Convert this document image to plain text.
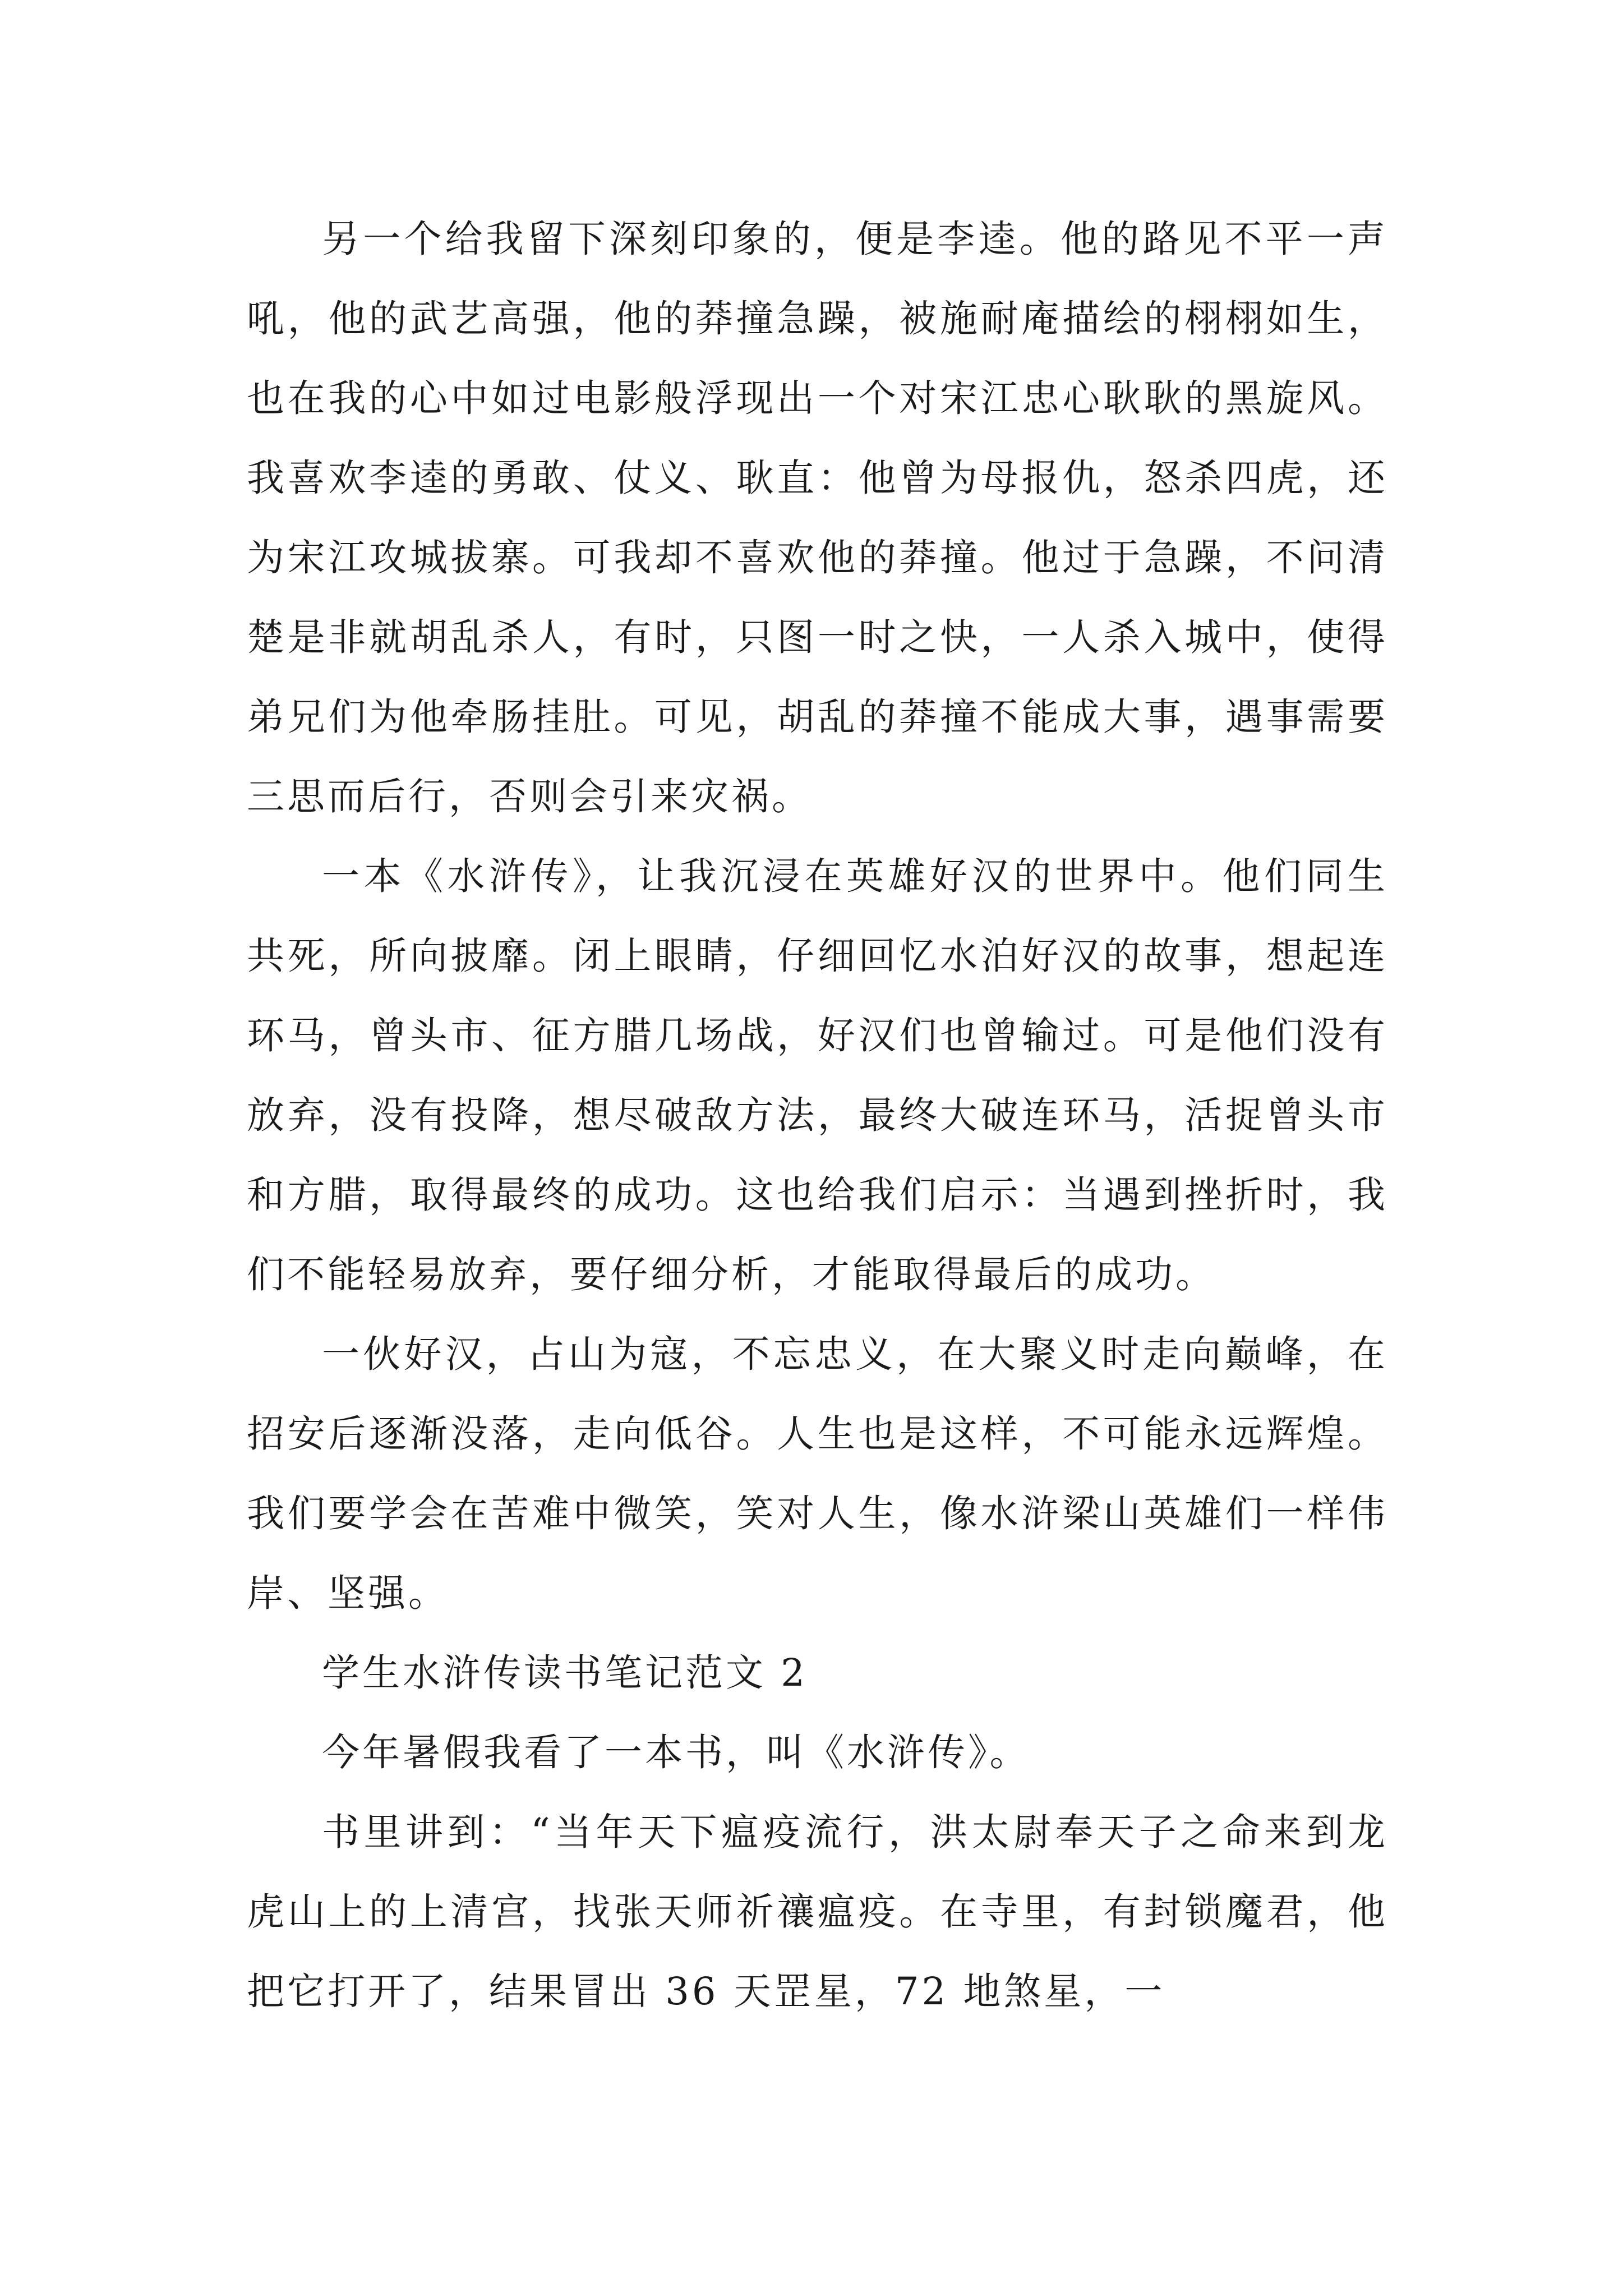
另一个给我留下深刻印象的，便是李逵。他的路见不平一声吼，他的武艺高强，他的莽撞急躁，被施耐庵描绘的栩栩如生，也在我的心中如过电影般浮现出一个对宋江忠心耿耿的黑旋风。我喜欢李逵的勇敢、仗义、耿直：他曾为母报仇，怒杀四虎，还为宋江攻城拔寨。可我却不喜欢他的莽撞。他过于急躁，不问清楚是非就胡乱杀人，有时，只图一时之快，一人杀入城中，使得弟兄们为他牵肠挂肚。可见，胡乱的莽撞不能成大事，遇事需要三思而后行，否则会引来灾祸。

一本《水浒传》，让我沉浸在英雄好汉的世界中。他们同生共死，所向披靡。闭上眼睛，仔细回忆水泊好汉的故事，想起连环马，曾头市、征方腊几场战，好汉们也曾输过。可是他们没有放弃，没有投降，想尽破敌方法，最终大破连环马，活捉曾头市和方腊，取得最终的成功。这也给我们启示：当遇到挫折时，我们不能轻易放弃，要仔细分析，才能取得最后的成功。

一伙好汉，占山为寇，不忘忠义，在大聚义时走向巅峰，在招安后逐渐没落，走向低谷。人生也是这样，不可能永远辉煌。我们要学会在苦难中微笑，笑对人生，像水浒梁山英雄们一样伟岸、坚强。

学生水浒传读书笔记范文 2

今年暑假我看了一本书，叫《水浒传》。

书里讲到：“当年天下瘟疫流行，洪太尉奉天子之命来到龙虎山上的上清宫，找张天师祈禳瘟疫。在寺里，有封锁魔君，他把它打开了，结果冒出 36 天罡星，72 地煞星，一
